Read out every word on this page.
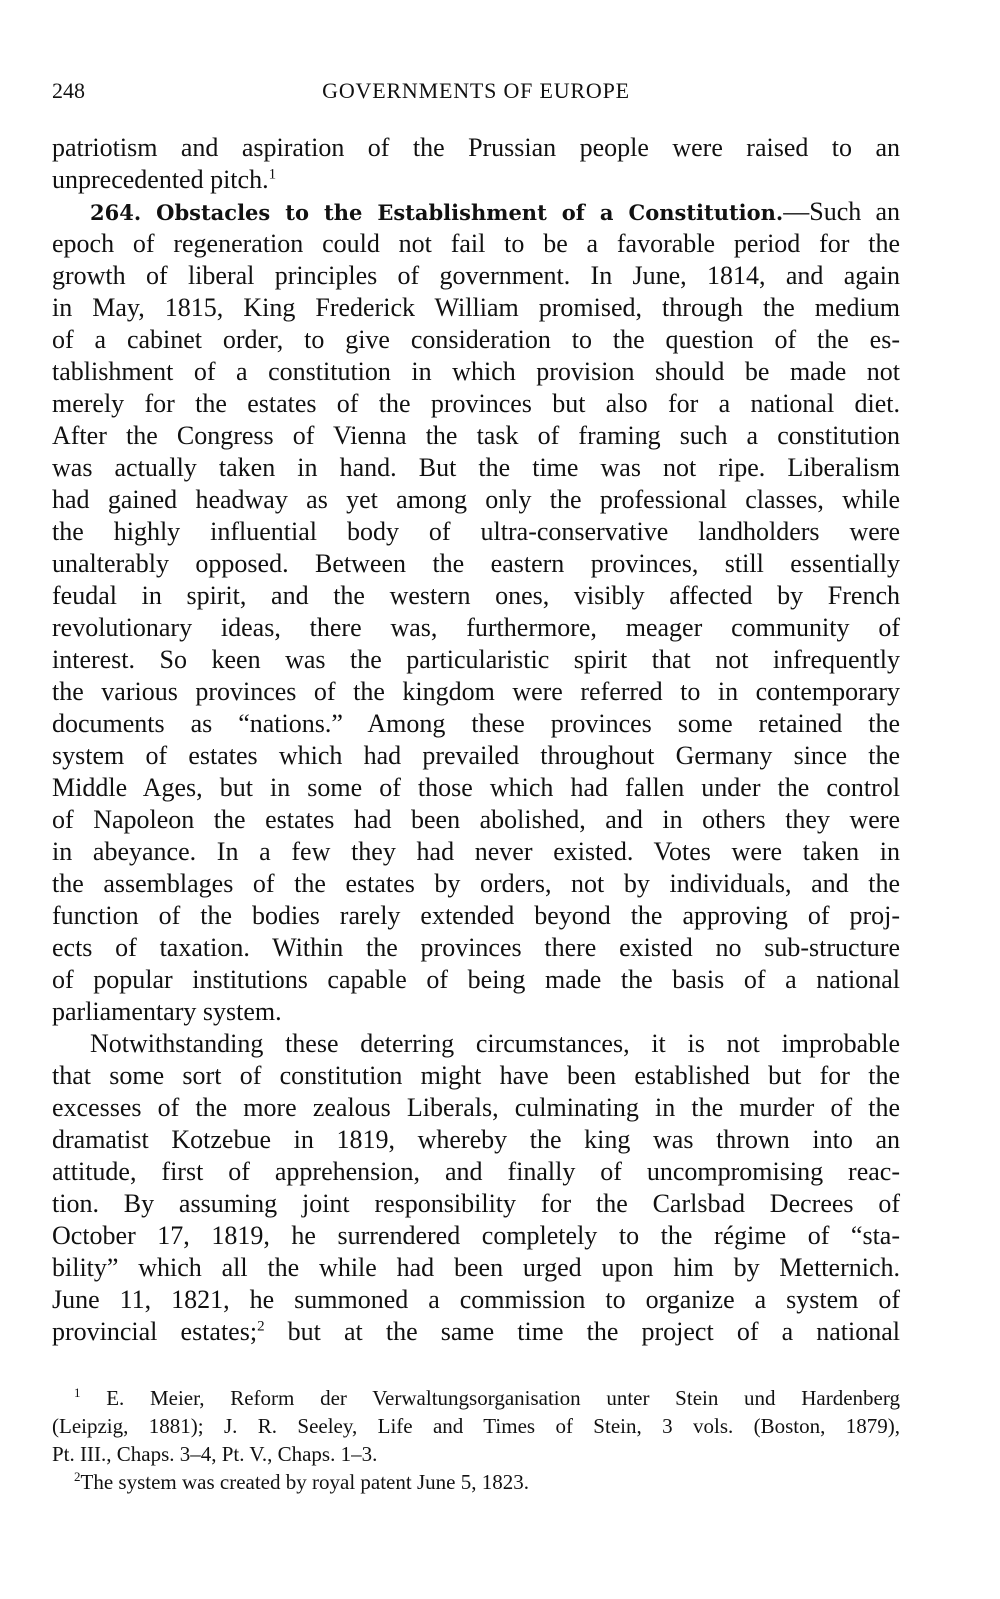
248	GOVERNMENTS OF EUROPE
patriotism and aspiration of the Prussian people were raised to an
unprecedented pitch.$^1$
264. Obstacles to the Establishment of a Constitution.—Such an
epoch of regeneration could not fail to be a favorable period for the
growth of liberal principles of government. In June, 1814, and again
in May, 1815, King Frederick William promised, through the medium
of a cabinet order, to give consideration to the question of the es-
tablishment of a constitution in which provision should be made not
merely for the estates of the provinces but also for a national diet.
After the Congress of Vienna the task of framing such a constitution
was actually taken in hand. But the time was not ripe. Liberalism
had gained headway as yet among only the professional classes, while
the highly influential body of ultra-conservative landholders were
unalterably opposed. Between the eastern provinces, still essentially
feudal in spirit, and the western ones, visibly affected by French
revolutionary ideas, there was, furthermore, meager community of
interest. So keen was the particularistic spirit that not infrequently
the various provinces of the kingdom were referred to in contemporary
documents as “nations.” Among these provinces some retained the
system of estates which had prevailed throughout Germany since the
Middle Ages, but in some of those which had fallen under the control
of Napoleon the estates had been abolished, and in others they were
in abeyance. In a few they had never existed. Votes were taken in
the assemblages of the estates by orders, not by individuals, and the
function of the bodies rarely extended beyond the approving of proj-
ects of taxation. Within the provinces there existed no sub-structure
of popular institutions capable of being made the basis of a national
parliamentary system.
Notwithstanding these deterring circumstances, it is not improbable
that some sort of constitution might have been established but for the
excesses of the more zealous Liberals, culminating in the murder of the
dramatist Kotzebue in 1819, whereby the king was thrown into an
attitude, first of apprehension, and finally of uncompromising reac-
tion. By assuming joint responsibility for the Carlsbad Decrees of
October 17, 1819, he surrendered completely to the régime of “sta-
bility” which all the while had been urged upon him by Metternich.
June 11, 1821, he summoned a commission to organize a system of
provincial estates;$^2$ but at the same time the project of a national
$^1$ E. Meier, Reform der Verwaltungsorganisation unter Stein und Hardenberg
(Leipzig, 1881); J. R. Seeley, Life and Times of Stein, 3 vols. (Boston, 1879),
Pt. III., Chaps. 3–4, Pt. V., Chaps. 1–3.
$^2$The system was created by royal patent June 5, 1823.
